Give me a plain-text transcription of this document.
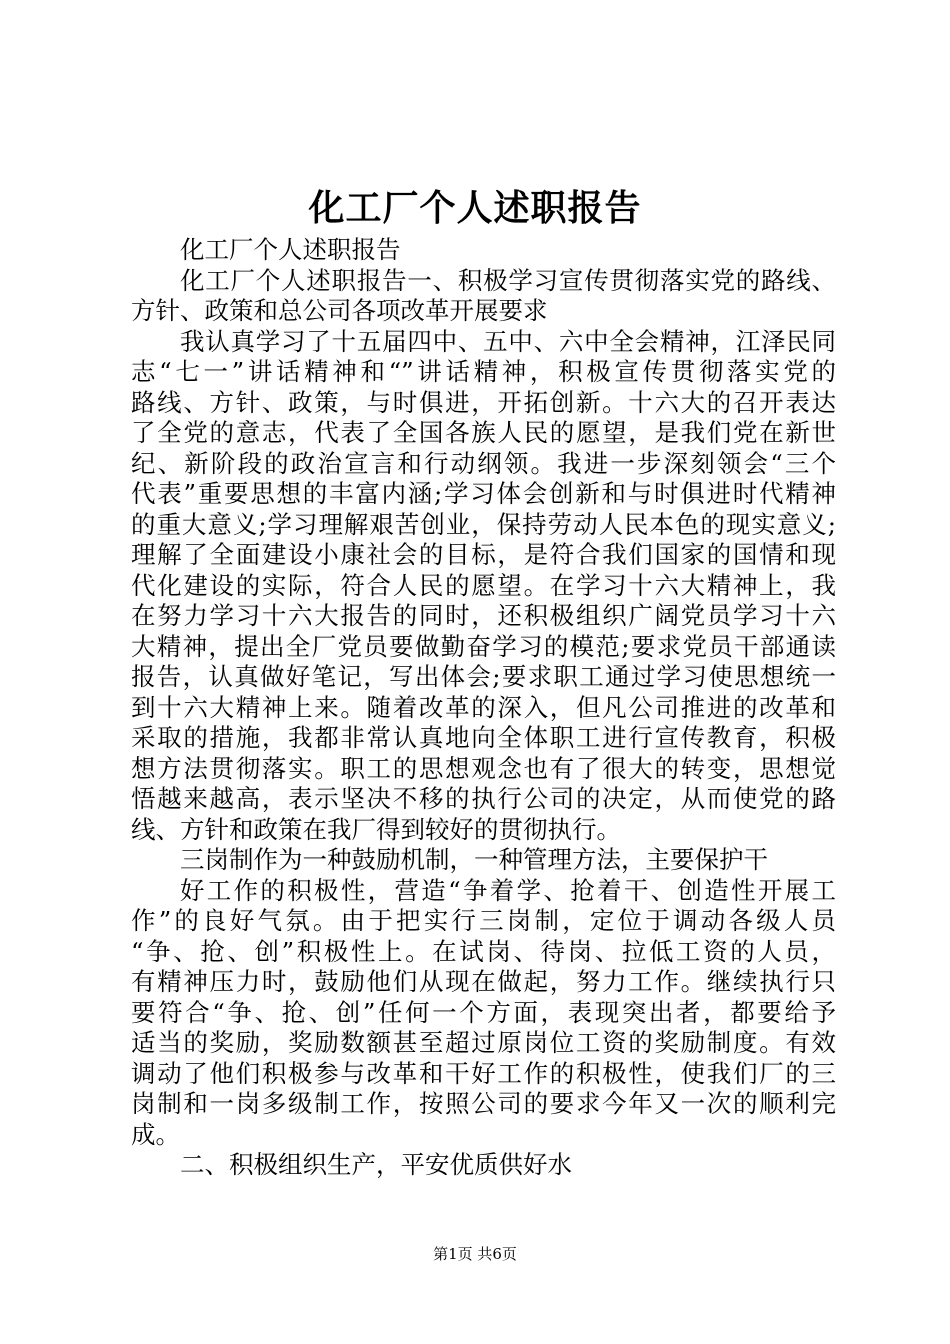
化工厂个人述职报告
化工厂个人述职报告
化工厂个人述职报告一、积极学习宣传贯彻落实党的路线、
方针、政策和总公司各项改革开展要求
我认真学习了十五届四中、五中、六中全会精神，江泽民同
志“七一”讲话精神和“”讲话精神，积极宣传贯彻落实党的
路线、方针、政策，与时俱进，开拓创新。十六大的召开表达
了全党的意志，代表了全国各族人民的愿望，是我们党在新世
纪、新阶段的政治宣言和行动纲领。我进一步深刻领会“三个
代表”重要思想的丰富内涵;学习体会创新和与时俱进时代精神
的重大意义;学习理解艰苦创业，保持劳动人民本色的现实意义;
理解了全面建设小康社会的目标，是符合我们国家的国情和现
代化建设的实际，符合人民的愿望。在学习十六大精神上，我
在努力学习十六大报告的同时，还积极组织广阔党员学习十六
大精神，提出全厂党员要做勤奋学习的模范;要求党员干部通读
报告，认真做好笔记，写出体会;要求职工通过学习使思想统一
到十六大精神上来。随着改革的深入，但凡公司推进的改革和
采取的措施，我都非常认真地向全体职工进行宣传教育，积极
想方法贯彻落实。职工的思想观念也有了很大的转变，思想觉
悟越来越高，表示坚决不移的执行公司的决定，从而使党的路
线、方针和政策在我厂得到较好的贯彻执行。
三岗制作为一种鼓励机制，一种管理方法，主要保护干
好工作的积极性，营造“争着学、抢着干、创造性开展工
作”的良好气氛。由于把实行三岗制，定位于调动各级人员
“争、抢、创”积极性上。在试岗、待岗、拉低工资的人员，
有精神压力时，鼓励他们从现在做起，努力工作。继续执行只
要符合“争、抢、创”任何一个方面，表现突出者，都要给予
适当的奖励，奖励数额甚至超过原岗位工资的奖励制度。有效
调动了他们积极参与改革和干好工作的积极性，使我们厂的三
岗制和一岗多级制工作，按照公司的要求今年又一次的顺利完
成。
二、积极组织生产，平安优质供好水
第1页 共6页
